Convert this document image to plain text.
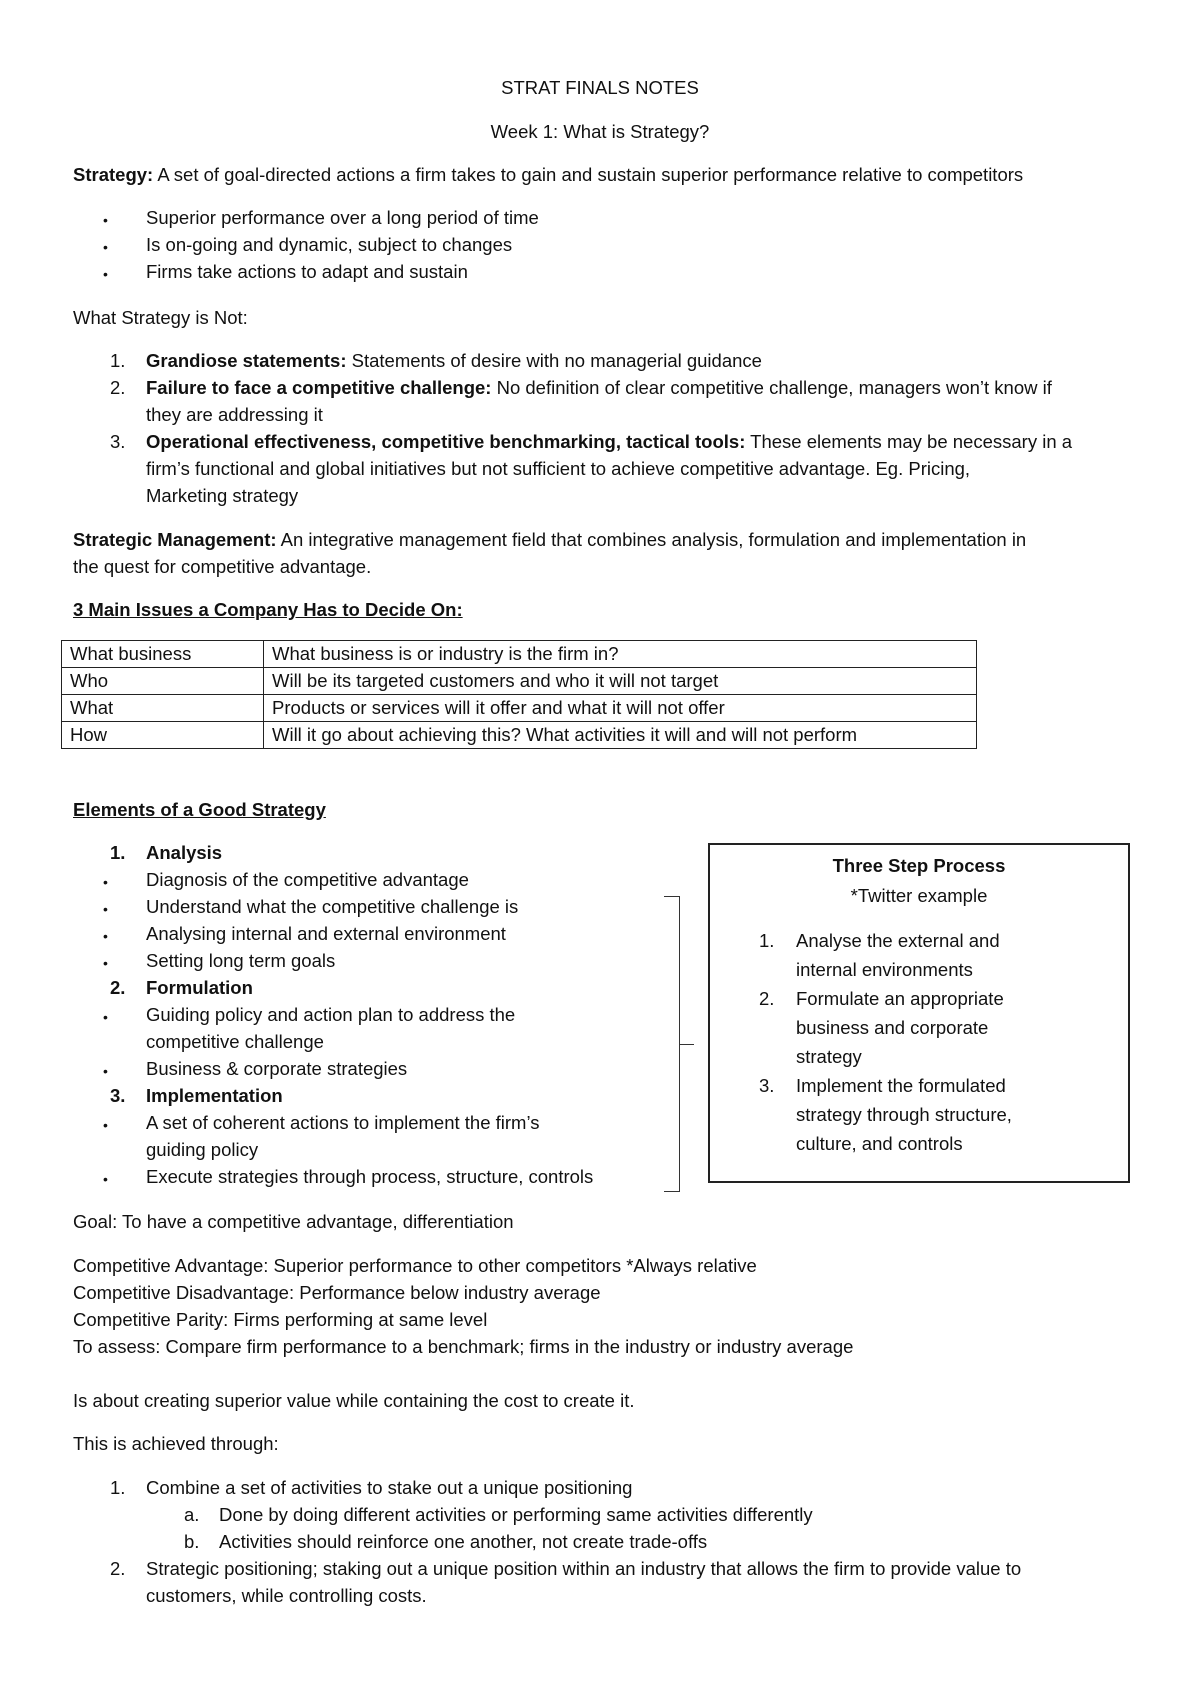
STRAT FINALS NOTES
Week 1: What is Strategy?
Strategy: A set of goal-directed actions a firm takes to gain and sustain superior performance relative to competitors
• Superior performance over a long period of time
• Is on-going and dynamic, subject to changes
• Firms take actions to adapt and sustain
What Strategy is Not:
1. Grandiose statements: Statements of desire with no managerial guidance
2. Failure to face a competitive challenge: No definition of clear competitive challenge, managers won’t know if
they are addressing it
3. Operational effectiveness, competitive benchmarking, tactical tools: These elements may be necessary in a
firm’s functional and global initiatives but not sufficient to achieve competitive advantage. Eg. Pricing,
Marketing strategy
Strategic Management: An integrative management field that combines analysis, formulation and implementation in
the quest for competitive advantage.
3 Main Issues a Company Has to Decide On:
What business	What business is or industry is the firm in?
Who	Will be its targeted customers and who it will not target
What	Products or services will it offer and what it will not offer
How	Will it go about achieving this? What activities it will and will not perform
Elements of a Good Strategy
1. Analysis
• Diagnosis of the competitive advantage
• Understand what the competitive challenge is
• Analysing internal and external environment
• Setting long term goals
2. Formulation
• Guiding policy and action plan to address the
competitive challenge
• Business & corporate strategies
3. Implementation
• A set of coherent actions to implement the firm’s
guiding policy
• Execute strategies through process, structure, controls
Three Step Process
*Twitter example
1. Analyse the external and
internal environments
2. Formulate an appropriate
business and corporate
strategy
3. Implement the formulated
strategy through structure,
culture, and controls
Goal: To have a competitive advantage, differentiation
Competitive Advantage: Superior performance to other competitors *Always relative
Competitive Disadvantage: Performance below industry average
Competitive Parity: Firms performing at same level
To assess: Compare firm performance to a benchmark; firms in the industry or industry average
Is about creating superior value while containing the cost to create it.
This is achieved through:
1. Combine a set of activities to stake out a unique positioning
a. Done by doing different activities or performing same activities differently
b. Activities should reinforce one another, not create trade-offs
2. Strategic positioning; staking out a unique position within an industry that allows the firm to provide value to
customers, while controlling costs.
